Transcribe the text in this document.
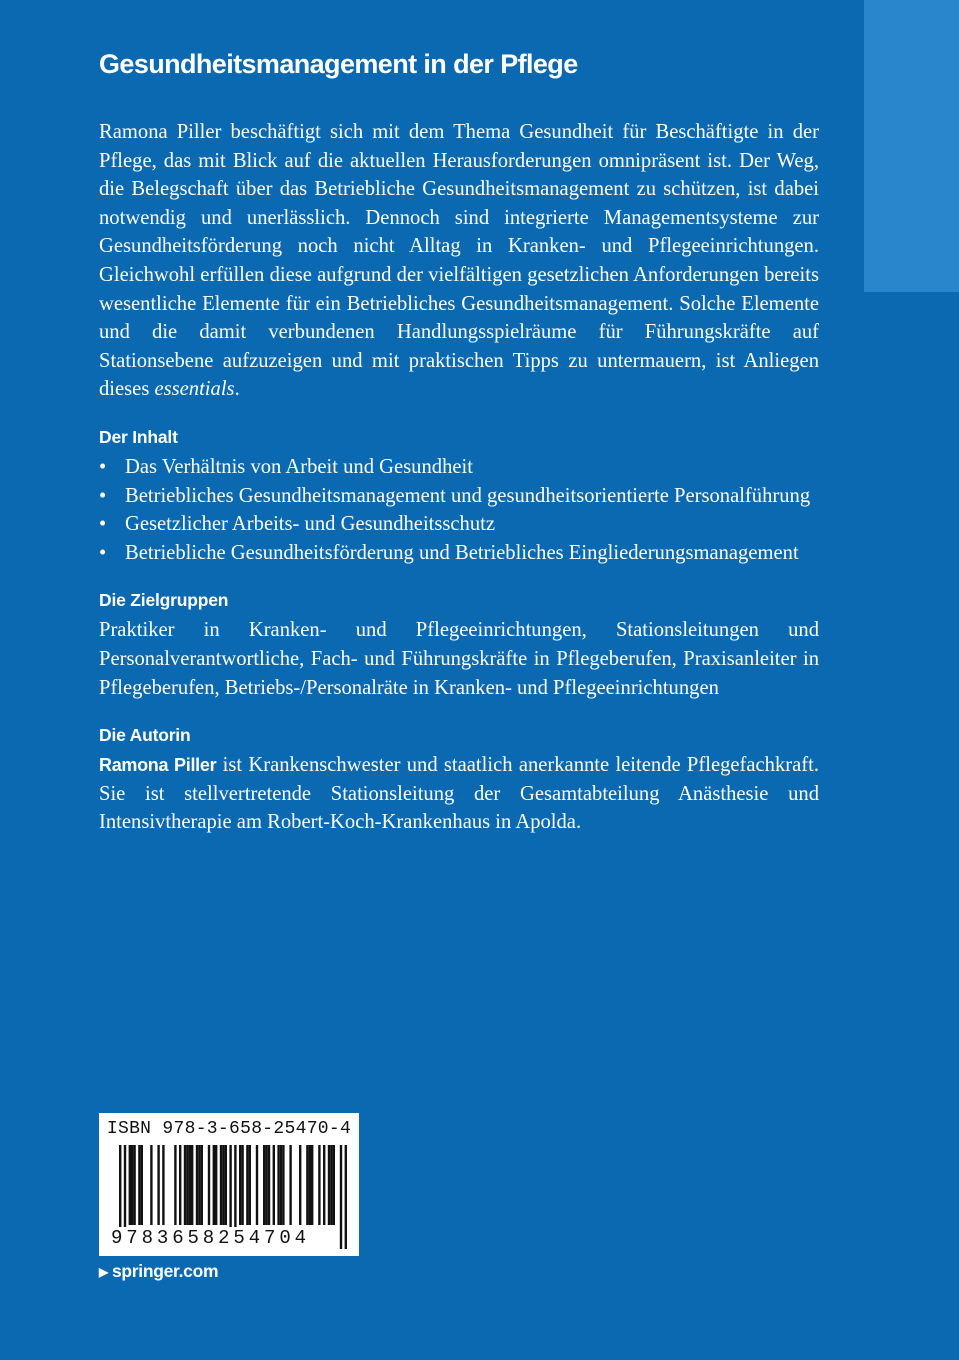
Gesundheitsmanagement in der Pflege

Ramona Piller beschäftigt sich mit dem Thema Gesundheit für Beschäftigte in der Pflege, das mit Blick auf die aktuellen Herausforderungen omnipräsent ist. Der Weg, die Belegschaft über das Betriebliche Gesundheitsmanagement zu schützen, ist dabei notwendig und unerlässlich. Dennoch sind integrierte Managementsysteme zur Gesundheitsförderung noch nicht Alltag in Kranken- und Pflegeeinrichtungen. Gleichwohl erfüllen diese aufgrund der vielfältigen gesetzlichen Anforderungen bereits wesentliche Elemente für ein Betriebliches Gesundheitsmanagement. Solche Elemente und die damit verbundenen Handlungsspielräume für Führungskräfte auf Stationsebene aufzuzeigen und mit praktischen Tipps zu untermauern, ist Anliegen dieses essentials.

Der Inhalt
• Das Verhältnis von Arbeit und Gesundheit
• Betriebliches Gesundheitsmanagement und gesundheitsorientierte Personalführung
• Gesetzlicher Arbeits- und Gesundheitsschutz
• Betriebliche Gesundheitsförderung und Betriebliches Eingliederungsmanagement
Die Zielgruppen

Praktiker in Kranken- und Pflegeeinrichtungen, Stationsleitungen und Personalverantwortliche, Fach- und Führungskräfte in Pflegeberufen, Praxisanleiter in Pflegeberufen, Betriebs-/Personalräte in Kranken- und Pflegeeinrichtungen

Die Autorin

Ramona Piller ist Krankenschwester und staatlich anerkannte leitende Pflegefachkraft. Sie ist stellvertretende Stationsleitung der Gesamtabteilung Anästhesie und Intensivtherapie am Robert-Koch-Krankenhaus in Apolda.

ISBN 978-3-658-25470-4
9783658254704
▶ springer.com
